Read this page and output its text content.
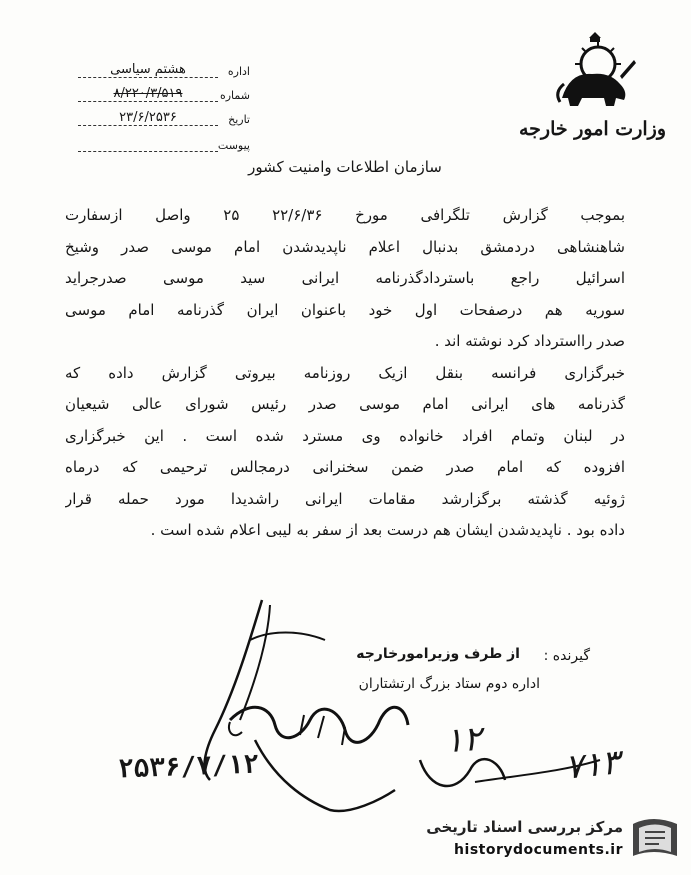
وزارت امور خارجه
اداره
هشتم سیاسی
شماره
۸/۲۲۰/۳/۵۱۹
تاریخ
۲۳/۶/۲۵۳۶
پیوست
سازمان اطلاعات وامنیت کشور
بموجب گزارش تلگرافی مورخ ۲۲/۶/۳۶ ۲۵ واصل ازسفارت
شاهنشاهی دردمشق بدنبال اعلام ناپدیدشدن امام موسی صدر وشیخ
اسرائیل راجع باستردادگذرنامه ایرانی سید موسی صدرجراید
سوریه هم درصفحات اول خود باعنوان ایران گذرنامه امام موسی
صدر رااسترداد کرد نوشته اند .
خبرگزاری فرانسه بنقل ازیک روزنامه بیروتی گزارش داده که
گذرنامه های ایرانی امام موسی صدر رئیس شورای عالی شیعیان
در لبنان وتمام افراد خانواده وی مسترد شده است . این خبرگزاری
افزوده که امام صدر ضمن سخنرانی درمجالس ترحیمی که درماه
ژوئیه گذشته برگزارشد مقامات ایرانی راشدیدا مورد حمله قرار
داده بود . ناپدیدشدن ایشان هم درست بعد از سفر به لیبی اعلام شده است .
گیرنده :
از طرف وزیرامورخارجه
اداره دوم ستاد بزرگ ارتشتاران
۲۵۳۶/۷/۱۲
۱۲
۷۱۳
مرکز بررسی اسناد تاریخی
historydocuments.ir
